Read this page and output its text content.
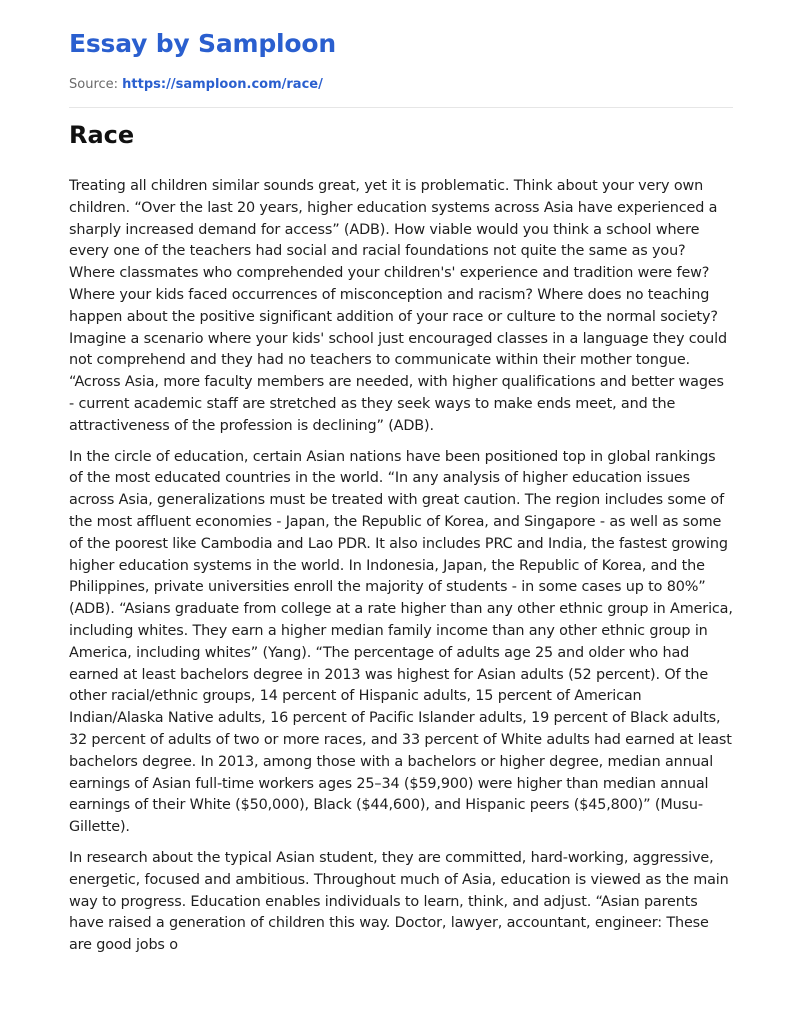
Essay by Samploon
Source: https://samploon.com/race/
Race

Treating all children similar sounds great, yet it is problematic. Think about your very own children. “Over the last 20 years, higher education systems across Asia have experienced a sharply increased demand for access” (ADB). How viable would you think a school where every one of the teachers had social and racial foundations not quite the same as you? Where classmates who comprehended your children's' experience and tradition were few? Where your kids faced occurrences of misconception and racism? Where does no teaching happen about the positive significant addition of your race or culture to the normal society? Imagine a scenario where your kids' school just encouraged classes in a language they could not comprehend and they had no teachers to communicate within their mother tongue. “Across Asia, more faculty members are needed, with higher qualifications and better wages - current academic staff are stretched as they seek ways to make ends meet, and the attractiveness of the profession is declining” (ADB).

In the circle of education, certain Asian nations have been positioned top in global rankings of the most educated countries in the world. “In any analysis of higher education issues across Asia, generalizations must be treated with great caution. The region includes some of the most affluent economies - Japan, the Republic of Korea, and Singapore - as well as some of the poorest like Cambodia and Lao PDR. It also includes PRC and India, the fastest growing higher education systems in the world. In Indonesia, Japan, the Republic of Korea, and the Philippines, private universities enroll the majority of students - in some cases up to 80%” (ADB). “Asians graduate from college at a rate higher than any other ethnic group in America, including whites. They earn a higher median family income than any other ethnic group in America, including whites” (Yang). “The percentage of adults age 25 and older who had earned at least bachelors degree in 2013 was highest for Asian adults (52 percent). Of the other racial/ethnic groups, 14 percent of Hispanic adults, 15 percent of American Indian/Alaska Native adults, 16 percent of Pacific Islander adults, 19 percent of Black adults, 32 percent of adults of two or more races, and 33 percent of White adults had earned at least bachelors degree. In 2013, among those with a bachelors or higher degree, median annual earnings of Asian full-time workers ages 25–34 ($59,900) were higher than median annual earnings of their White ($50,000), Black ($44,600), and Hispanic peers ($45,800)” (Musu-Gillette).

In research about the typical Asian student, they are committed, hard-working, aggressive, energetic, focused and ambitious. Throughout much of Asia, education is viewed as the main way to progress. Education enables individuals to learn, think, and adjust. “Asian parents have raised a generation of children this way. Doctor, lawyer, accountant, engineer: These are good jobs o
